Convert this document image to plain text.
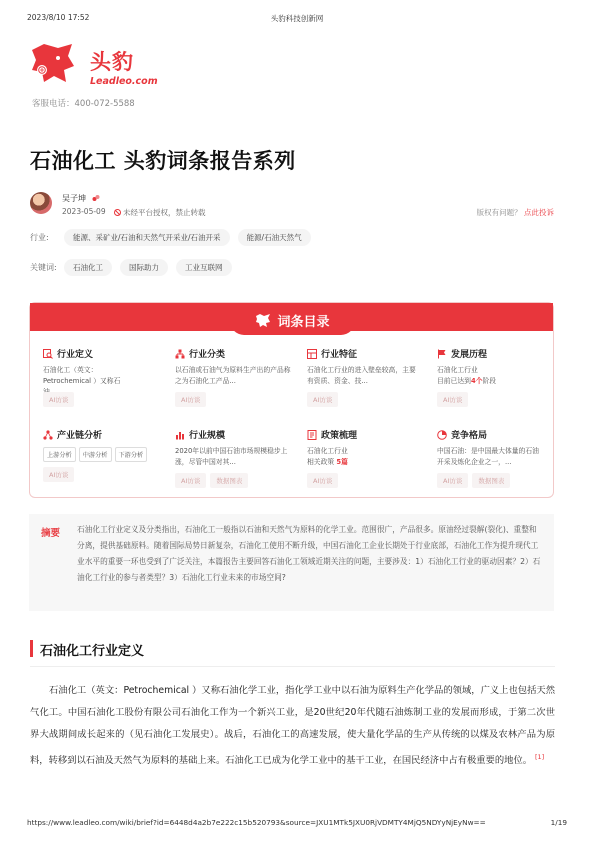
2023/8/10 17:52	头豹科技创新网
头豹
Leadleo.com
客服电话：400-072-5588
石油化工 头豹词条报告系列
吴子坤
2023-05-09	未经平台授权，禁止转载	版权有问题？ 点此投诉
行业:	能源、采矿业/石油和天然气开采业/石油开采	能源/石油天然气
关键词:	石油化工	国际助力	工业互联网
词条目录
行业定义
石油化工（英文：Petrochemical ）又称石
AI访谈
行业分类
以石油或石油气为原料生产出的产品称之为石油化工产品...
AI访谈
行业特征
石油化工行业的进入壁垒较高，主要有资质、资金、技...
AI访谈
发展历程
石油化工行业
目前已达到4个阶段
AI访谈
产业链分析
上游分析	中游分析	下游分析
AI访谈
行业规模
2020年以前中国石油市场规模稳步上涨，尽管中国对其...
AI访谈	数据图表
政策梳理
石油化工行业
相关政策 5篇
AI访谈
竞争格局
中国石油：是中国最大体量的石油开采及炼化企业之一，...
AI访谈	数据图表
摘要 石油化工行业定义及分类指出，石油化工一般指以石油和天然气为原料的化学工业。范围很广，产品很多。原油经过裂解(裂化)、重整和分离，提供基础原料。随着国际局势日新复杂，石油化工使用不断升级，中国石油化工企业长期处于行业底部，石油化工作为提升现代工业水平的重要一环也受到了广泛关注，本篇报告主要回答石油化工领域近期关注的问题，主要涉及：1）石油化工行业的驱动因素？2）石油化工行业的参与者类型？3）石油化工行业未来的市场空间?
石油化工行业定义

石油化工（英文：Petrochemical ）又称石油化学工业，指化学工业中以石油为原料生产化学品的领域，广义上也包括天然气化工。中国石油化工股份有限公司石油化工作为一个新兴工业，是20世纪20年代随石油炼制工业的发展而形成，于第二次世界大战期间成长起来的（见石油化工发展史）。战后，石油化工的高速发展，使大量化学品的生产从传统的以煤及农林产品为原料，转移到以石油及天然气为原料的基础上来。石油化工已成为化学工业中的基干工业，在国民经济中占有极重要的地位。 [1]

https://www.leadleo.com/wiki/brief?id=6448d4a2b7e222c15b520793&source=JXU1MTk5JXU0RjVDMTY4MjQ5NDYyNjEyNw==	1/19
